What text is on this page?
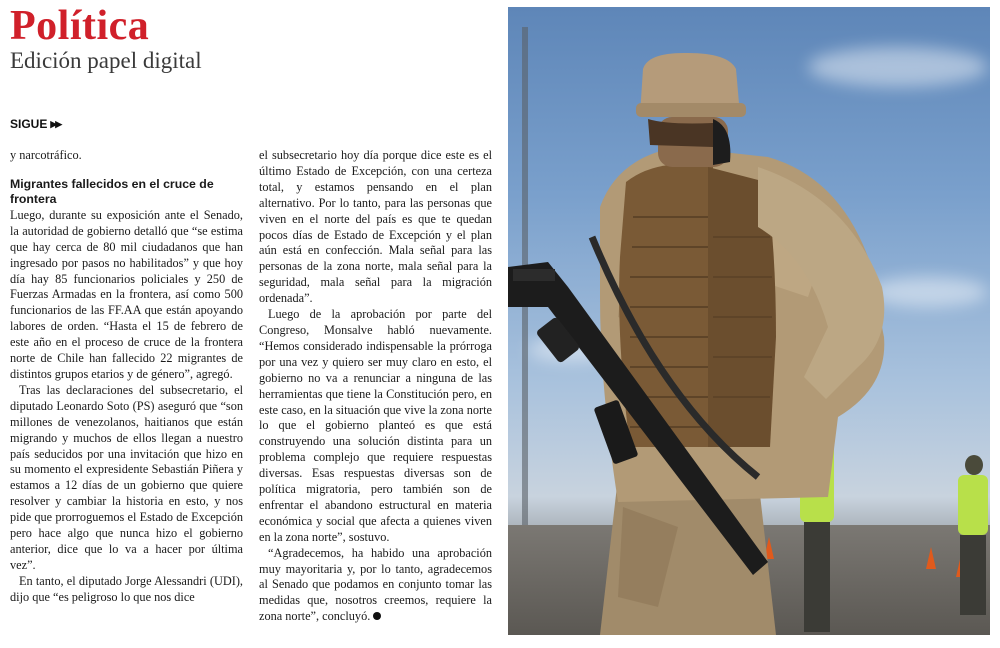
Política
Edición papel digital
SIGUE ▶▶

y narcotráfico.

Migrantes fallecidos en el cruce de frontera

Luego, durante su exposición ante el Senado, la autoridad de gobierno detalló que “se estima que hay cerca de 80 mil ciudadanos que han ingresado por pasos no habilitados” y que hoy día hay 85 funcionarios policiales y 250 de Fuerzas Armadas en la frontera, así como 500 funcionarios de las FF.AA que están apoyando labores de orden. “Hasta el 15 de febrero de este año en el proceso de cruce de la frontera norte de Chile han fallecido 22 migrantes de distintos grupos etarios y de género”, agregó.

Tras las declaraciones del subsecretario, el diputado Leonardo Soto (PS) aseguró que “son millones de venezolanos, haitianos que están migrando y muchos de ellos llegan a nuestro país seducidos por una invitación que hizo en su momento el expresidente Sebastián Piñera y estamos a 12 días de un gobierno que quiere resolver y cambiar la historia en esto, y nos pide que prorroguemos el Estado de Excepción pero hace algo que nunca hizo el gobierno anterior, dice que lo va a hacer por última vez”.

En tanto, el diputado Jorge Alessandri (UDI), dijo que “es peligroso lo que nos dice

el subsecretario hoy día porque dice este es el último Estado de Excepción, con una certeza total, y estamos pensando en el plan alternativo. Por lo tanto, para las personas que viven en el norte del país es que te quedan pocos días de Estado de Excepción y el plan aún está en confección. Mala señal para las personas de la zona norte, mala señal para la seguridad, mala señal para la migración ordenada”.

Luego de la aprobación por parte del Congreso, Monsalve habló nuevamente. “Hemos considerado indispensable la prórroga por una vez y quiero ser muy claro en esto, el gobierno no va a renunciar a ninguna de las herramientas que tiene la Constitución pero, en este caso, en la situación que vive la zona norte lo que el gobierno planteó es que está construyendo una solución distinta para un problema complejo que requiere respuestas diversas. Esas respuestas diversas son de política migratoria, pero también son de enfrentar el abandono estructural en materia económica y social que afecta a quienes viven en la zona norte”, sostuvo.

“Agradecemos, ha habido una aprobación muy mayoritaria y, por lo tanto, agradecemos al Senado que podamos en conjunto tomar las medidas que, nosotros creemos, requiere la zona norte”, concluyó.
